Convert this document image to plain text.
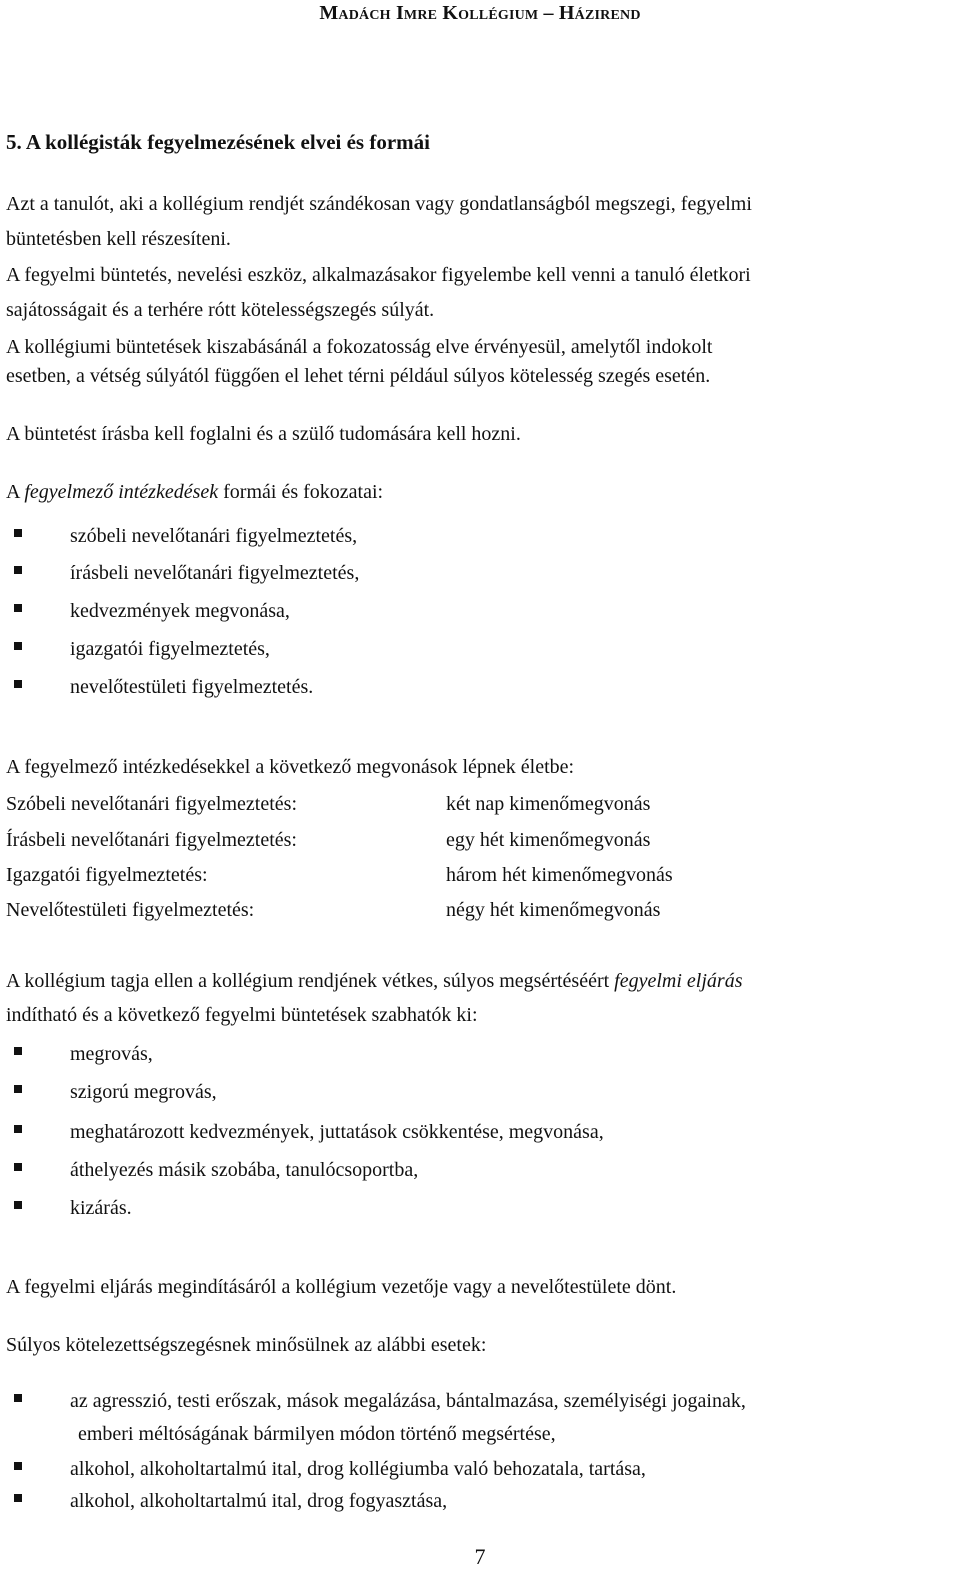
Madách Imre Kollégium – Házirend
5. A kollégisták fegyelmezésének elvei és formái
Azt a tanulót, aki a kollégium rendjét szándékosan vagy gondatlanságból megszegi, fegyelmi
büntetésben kell részesíteni.
A fegyelmi büntetés, nevelési eszköz, alkalmazásakor figyelembe kell venni a tanuló életkori
sajátosságait és a terhére rótt kötelességszegés súlyát.
A kollégiumi büntetések kiszabásánál a fokozatosság elve érvényesül, amelytől indokolt
esetben, a vétség súlyától függően el lehet térni például súlyos kötelesség szegés esetén.
A büntetést írásba kell foglalni és a szülő tudomására kell hozni.
A fegyelmező intézkedések formái és fokozatai:
szóbeli nevelőtanári figyelmeztetés,
írásbeli nevelőtanári figyelmeztetés,
kedvezmények megvonása,
igazgatói figyelmeztetés,
nevelőtestületi figyelmeztetés.
A fegyelmező intézkedésekkel a következő megvonások lépnek életbe:
Szóbeli nevelőtanári figyelmeztetés:	két nap kimenőmegvonás
Írásbeli nevelőtanári figyelmeztetés:	egy hét kimenőmegvonás
Igazgatói figyelmeztetés:	három hét kimenőmegvonás
Nevelőtestületi figyelmeztetés:	négy hét kimenőmegvonás
A kollégium tagja ellen a kollégium rendjének vétkes, súlyos megsértéséért fegyelmi eljárás
indítható és a következő fegyelmi büntetések szabhatók ki:
megrovás,
szigorú megrovás,
meghatározott kedvezmények, juttatások csökkentése, megvonása,
áthelyezés másik szobába, tanulócsoportba,
kizárás.
A fegyelmi eljárás megindításáról a kollégium vezetője vagy a nevelőtestülete dönt.
Súlyos kötelezettségszegésnek minősülnek az alábbi esetek:
az agresszió, testi erőszak, mások megalázása, bántalmazása, személyiségi jogainak,
emberi méltóságának bármilyen módon történő megsértése,
alkohol, alkoholtartalmú ital, drog kollégiumba való behozatala, tartása,
alkohol, alkoholtartalmú ital, drog fogyasztása,
7
